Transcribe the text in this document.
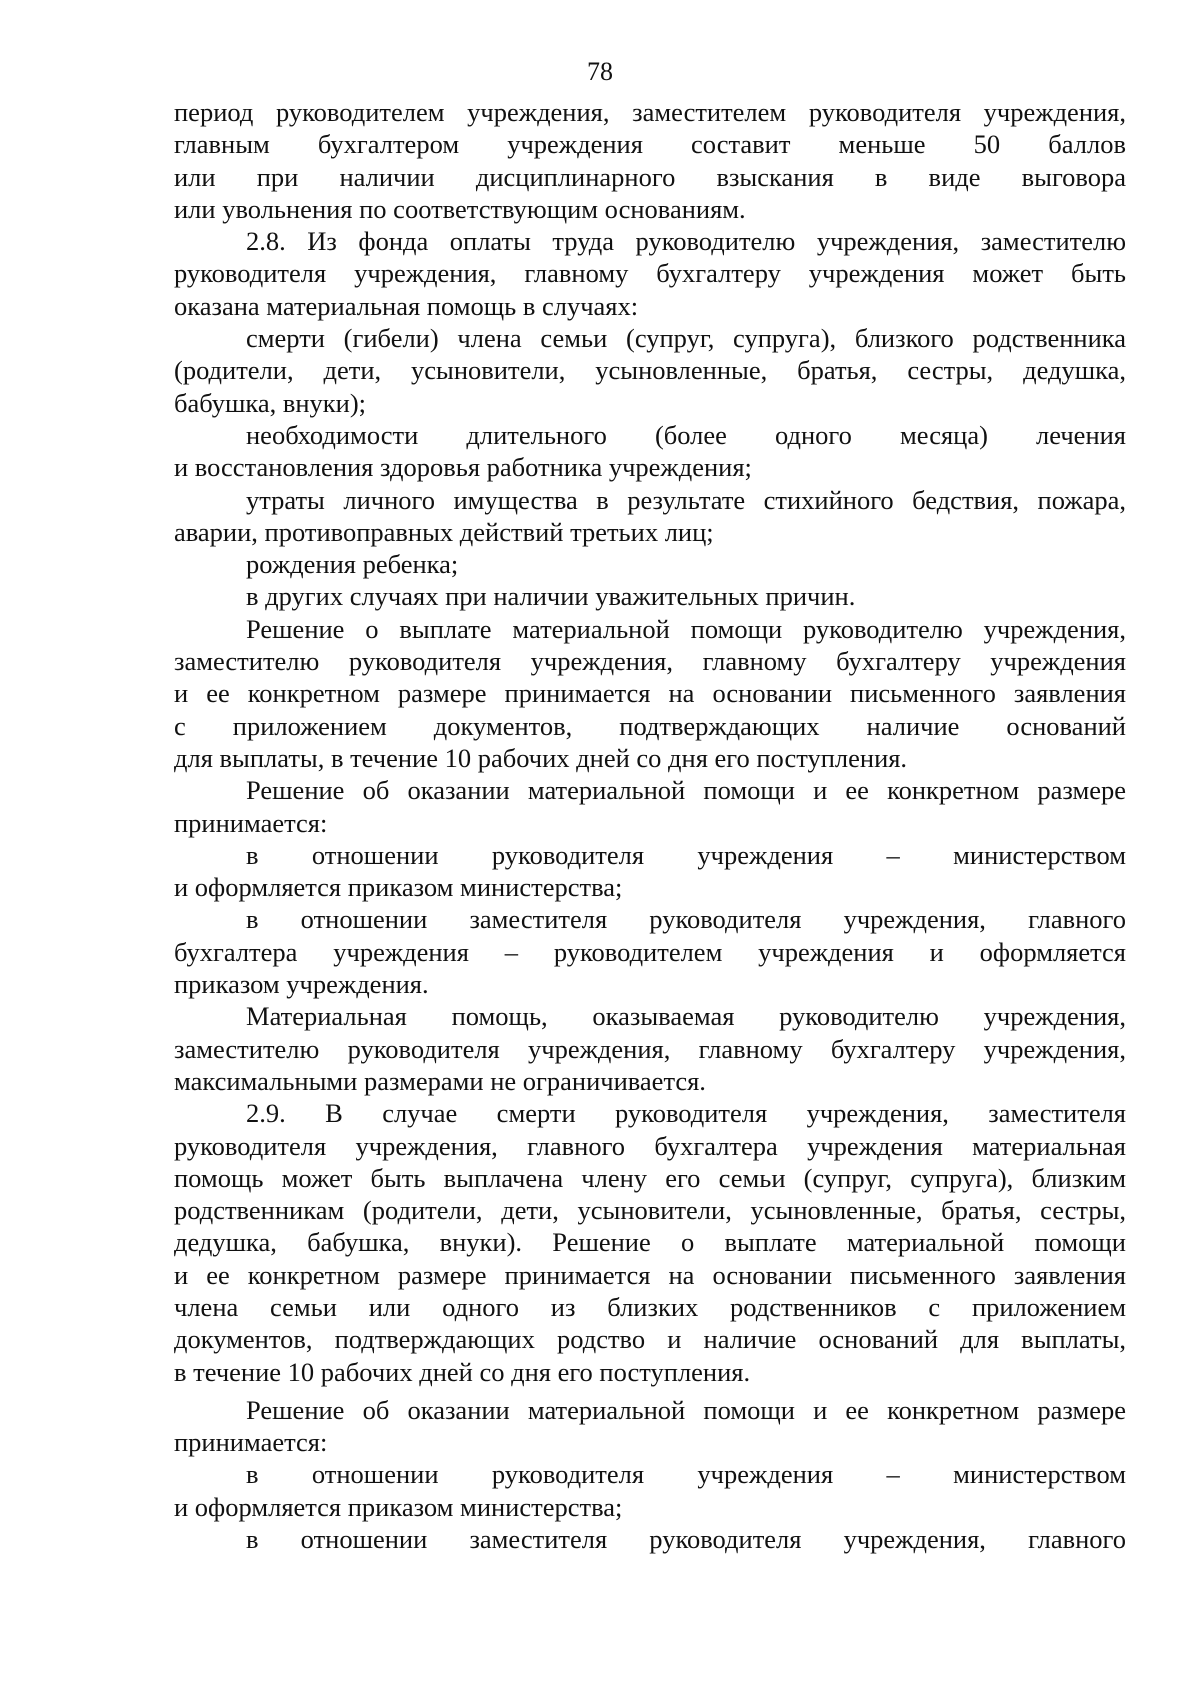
78
период руководителем учреждения, заместителем руководителя учреждения,
главным бухгалтером учреждения составит меньше 50 баллов
или при наличии дисциплинарного взыскания в виде выговора
или увольнения по соответствующим основаниям.
2.8. Из фонда оплаты труда руководителю учреждения, заместителю
руководителя учреждения, главному бухгалтеру учреждения может быть
оказана материальная помощь в случаях:
смерти (гибели) члена семьи (супруг, супруга), близкого родственника
(родители, дети, усыновители, усыновленные, братья, сестры, дедушка,
бабушка, внуки);
необходимости длительного (более одного месяца) лечения
и восстановления здоровья работника учреждения;
утраты личного имущества в результате стихийного бедствия, пожара,
аварии, противоправных действий третьих лиц;
рождения ребенка;
в других случаях при наличии уважительных причин.
Решение о выплате материальной помощи руководителю учреждения,
заместителю руководителя учреждения, главному бухгалтеру учреждения
и ее конкретном размере принимается на основании письменного заявления
с приложением документов, подтверждающих наличие оснований
для выплаты, в течение 10 рабочих дней со дня его поступления.
Решение об оказании материальной помощи и ее конкретном размере
принимается:
в отношении руководителя учреждения – министерством
и оформляется приказом министерства;
в отношении заместителя руководителя учреждения, главного
бухгалтера учреждения – руководителем учреждения и оформляется
приказом учреждения.
Материальная помощь, оказываемая руководителю учреждения,
заместителю руководителя учреждения, главному бухгалтеру учреждения,
максимальными размерами не ограничивается.
2.9. В случае смерти руководителя учреждения, заместителя
руководителя учреждения, главного бухгалтера учреждения материальная
помощь может быть выплачена члену его семьи (супруг, супруга), близким
родственникам (родители, дети, усыновители, усыновленные, братья, сестры,
дедушка, бабушка, внуки). Решение о выплате материальной помощи
и ее конкретном размере принимается на основании письменного заявления
члена семьи или одного из близких родственников с приложением
документов, подтверждающих родство и наличие оснований для выплаты,
в течение 10 рабочих дней со дня его поступления.
Решение об оказании материальной помощи и ее конкретном размере
принимается:
в отношении руководителя учреждения – министерством
и оформляется приказом министерства;
в отношении заместителя руководителя учреждения, главного
